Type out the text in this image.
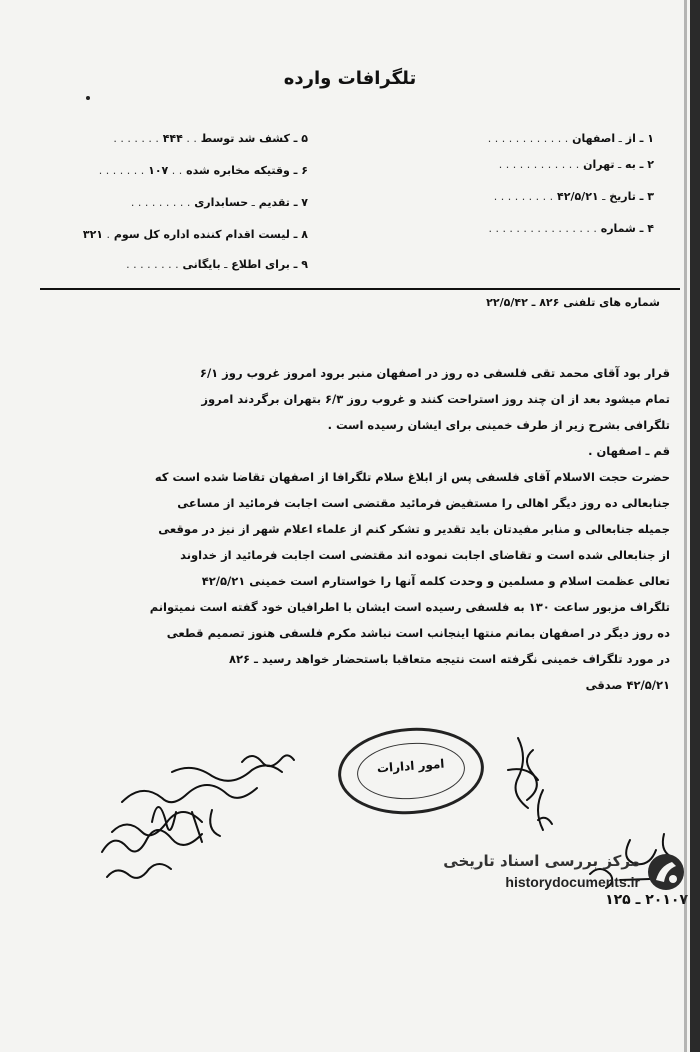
تلگرافات وارده
۱ ـ از ـ اصفهان . . . . . . . . . . . .
۲ ـ به ـ تهران . . . . . . . . . . . .
۳ ـ تاریخ ـ ۴۲/۵/۲۱ . . . . . . . . .
۴ ـ شماره . . . . . . . . . . . . . . . .
۵ ـ کشف شد توسط . . ۴۴۴ . . . . . . .
۶ ـ وقتیکه مخابره شده . . ۱۰۷ . . . . . . .
۷ ـ تقدیم ـ حسابداری . . . . . . . . .
۸ ـ لیست اقدام کننده اداره کل سوم . ۳۲۱
۹ ـ برای اطلاع ـ بایگانی . . . . . . . .
شماره های تلفنی ۸۲۶ ـ ۲۲/۵/۴۲
قرار بود آقای محمد تقی فلسفی ده روز در اصفهان منبر برود امروز غروب روز ۶/۱
تمام میشود بعد از ان چند روز استراحت کنند و غروب روز ۶/۳ بتهران برگردند امروز
تلگرافی بشرح زیر از طرف خمینی برای ایشان رسیده است .
قم ـ اصفهان .
حضرت حجت الاسلام آقای فلسفی پس از ابلاغ سلام تلگرافا از اصفهان تقاضا شده است که
جنابعالی ده روز دیگر اهالی را مستفیض فرمائید مقتضی است اجابت فرمائید از مساعی
جمیله جنابعالی و منابر مفیدتان باید تقدیر و تشکر کنم از علماء اعلام شهر از نیز در موقعی
از جنابعالی شده است و تقاضای اجابت نموده اند مقتضی است اجابت فرمائید از خداوند
تعالی عظمت اسلام و مسلمین و وحدت کلمه آنها را خواستارم است خمینی ۴۲/۵/۲۱
تلگراف مزبور ساعت ۱۳۰ به فلسفی رسیده است ایشان با اطرافیان خود گفته است نمیتوانم
ده روز دیگر در اصفهان بمانم منتها اینجانب است نباشد مکرم فلسفی هنوز تصمیم قطعی
در مورد تلگراف خمینی نگرفته است نتیجه متعاقبا باستحضار خواهد رسید ـ ۸۲۶
۴۲/۵/۲۱ صدقی
امور ادارات
۲۰۱۰۷ ـ ۱۲۵
مرکز بررسی اسناد تاریخی
historydocuments.ir
